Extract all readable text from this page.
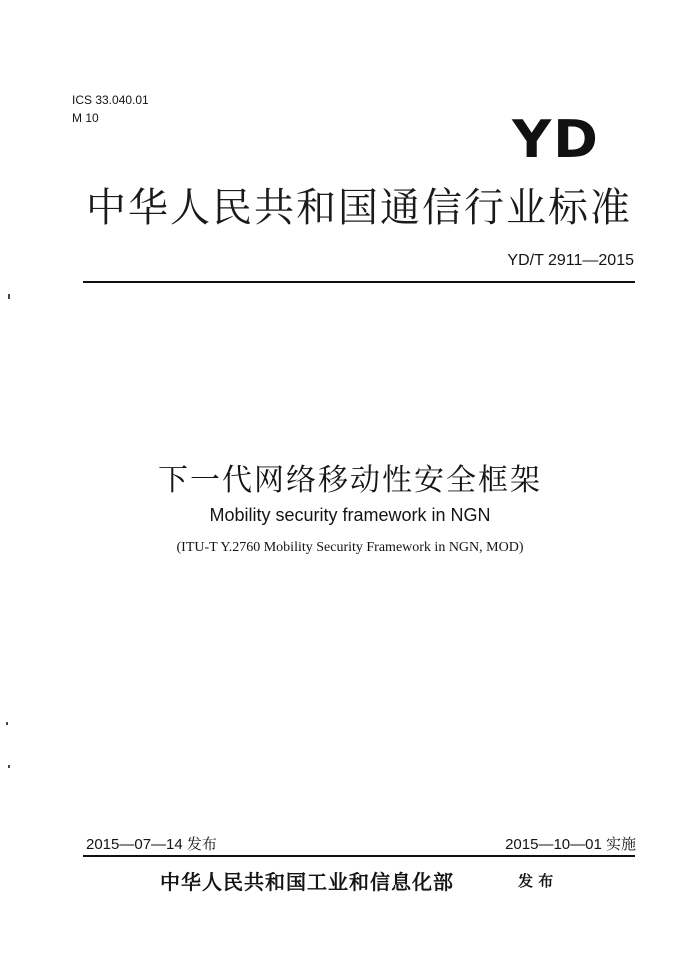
ICS 33.040.01
M 10	YD
中华人民共和国通信行业标准
YD/T 2911—2015
下一代网络移动性安全框架
Mobility security framework in NGN
(ITU-T Y.2760 Mobility Security Framework in NGN, MOD)
2015—07—14 发布	2015—10—01 实施
中华人民共和国工业和信息化部	发 布
